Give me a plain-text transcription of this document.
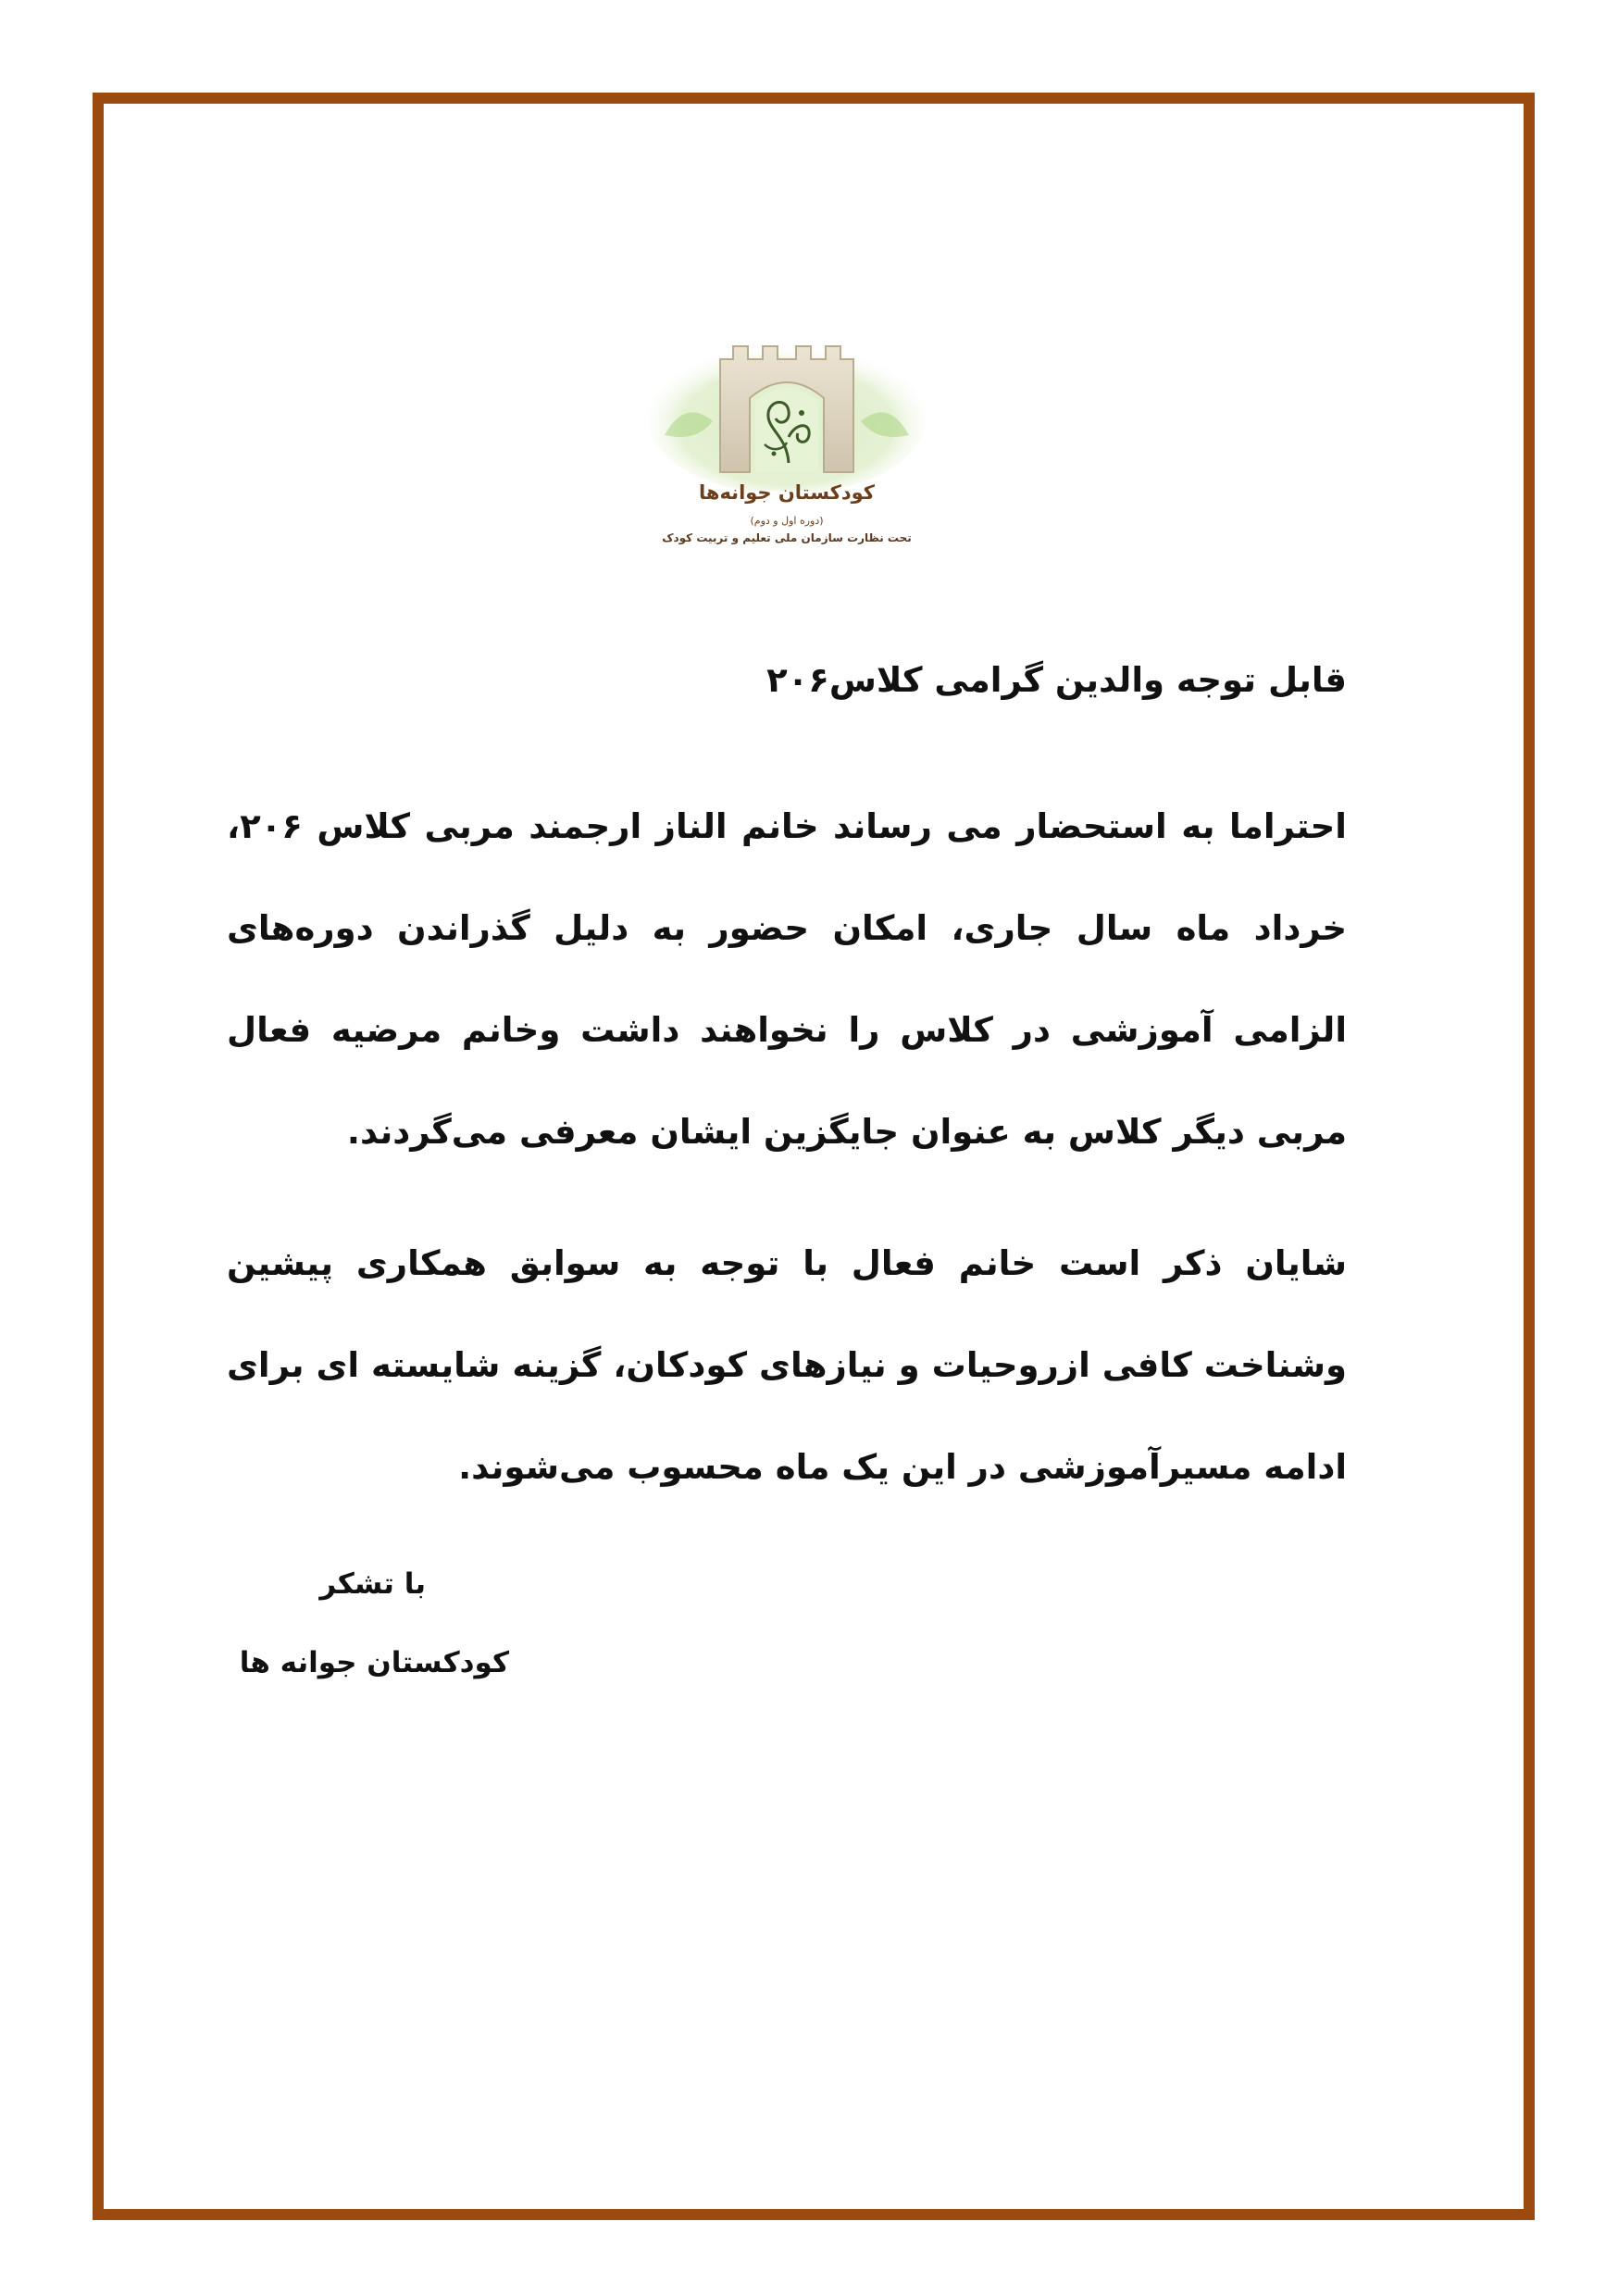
کودکستان جوانه‌ها
(دوره اول و دوم)
تحت نظارت سازمان ملی تعلیم و تربیت کودک
قابل توجه والدین گرامی کلاس۲۰۶
احتراما به استحضار می رساند خانم الناز ارجمند مربی کلاس ۲۰۶، خرداد ماه سال جاری، امکان حضور به دلیل گذراندن دوره‌های الزامی آموزشی در کلاس را نخواهند داشت وخانم مرضیه فعال مربی دیگر کلاس به عنوان جایگزین ایشان معرفی می‌گردند.
شایان ذکر است خانم فعال با توجه به سوابق همکاری پیشین وشناخت کافی ازروحیات و نیازهای کودکان، گزینه شایسته ای برای ادامه مسیرآموزشی در این یک ماه محسوب می‌شوند.
با تشکر
کودکستان جوانه ها
